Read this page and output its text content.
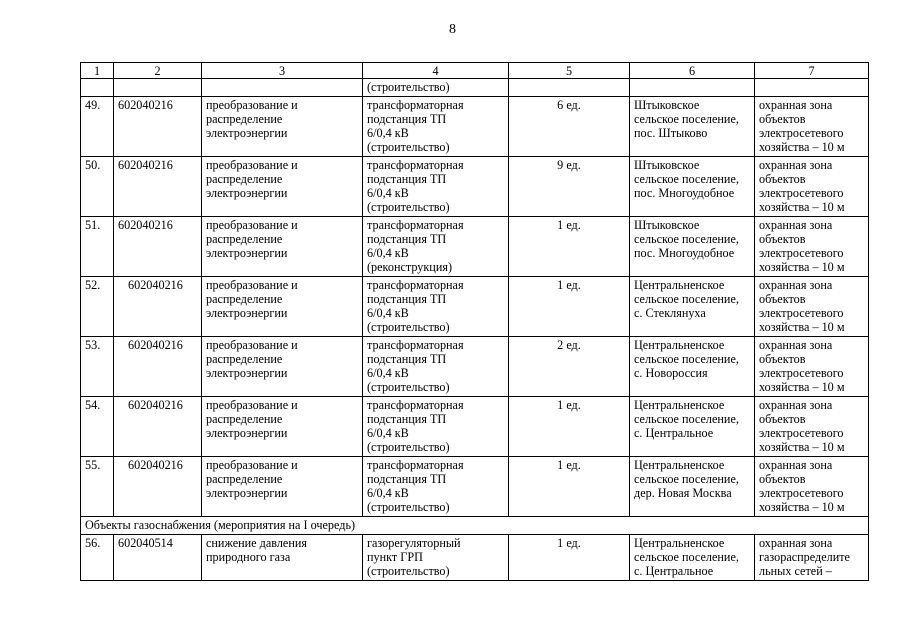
8
1	2	3	4	5	6	7
			(строительство)			
49.	602040216	преобразование и
распределение
электроэнергии	трансформаторная
подстанция ТП
6/0,4 кВ
(строительство)	6 ед.	Штыковское
сельское поселение,
пос. Штыково	охранная зона
объектов
электросетевого
хозяйства – 10 м
50.	602040216	преобразование и
распределение
электроэнергии	трансформаторная
подстанция ТП
6/0,4 кВ
(строительство)	9 ед.	Штыковское
сельское поселение,
пос. Многоудобное	охранная зона
объектов
электросетевого
хозяйства – 10 м
51.	602040216	преобразование и
распределение
электроэнергии	трансформаторная
подстанция ТП
6/0,4 кВ
(реконструкция)	1 ед.	Штыковское
сельское поселение,
пос. Многоудобное	охранная зона
объектов
электросетевого
хозяйства – 10 м
52.	602040216	преобразование и
распределение
электроэнергии	трансформаторная
подстанция ТП
6/0,4 кВ
(строительство)	1 ед.	Центральненское
сельское поселение,
с. Стеклянуха	охранная зона
объектов
электросетевого
хозяйства – 10 м
53.	602040216	преобразование и
распределение
электроэнергии	трансформаторная
подстанция ТП
6/0,4 кВ
(строительство)	2 ед.	Центральненское
сельское поселение,
с. Новороссия	охранная зона
объектов
электросетевого
хозяйства – 10 м
54.	602040216	преобразование и
распределение
электроэнергии	трансформаторная
подстанция ТП
6/0,4 кВ
(строительство)	1 ед.	Центральненское
сельское поселение,
с. Центральное	охранная зона
объектов
электросетевого
хозяйства – 10 м
55.	602040216	преобразование и
распределение
электроэнергии	трансформаторная
подстанция ТП
6/0,4 кВ
(строительство)	1 ед.	Центральненское
сельское поселение,
дер. Новая Москва	охранная зона
объектов
электросетевого
хозяйства – 10 м
Объекты газоснабжения (мероприятия на I очередь)						
56.	602040514	снижение давления
природного газа	газорегуляторный
пункт ГРП
(строительство)	1 ед.	Центральненское
сельское поселение,
с. Центральное	охранная зона
газораспределите
льных сетей –
